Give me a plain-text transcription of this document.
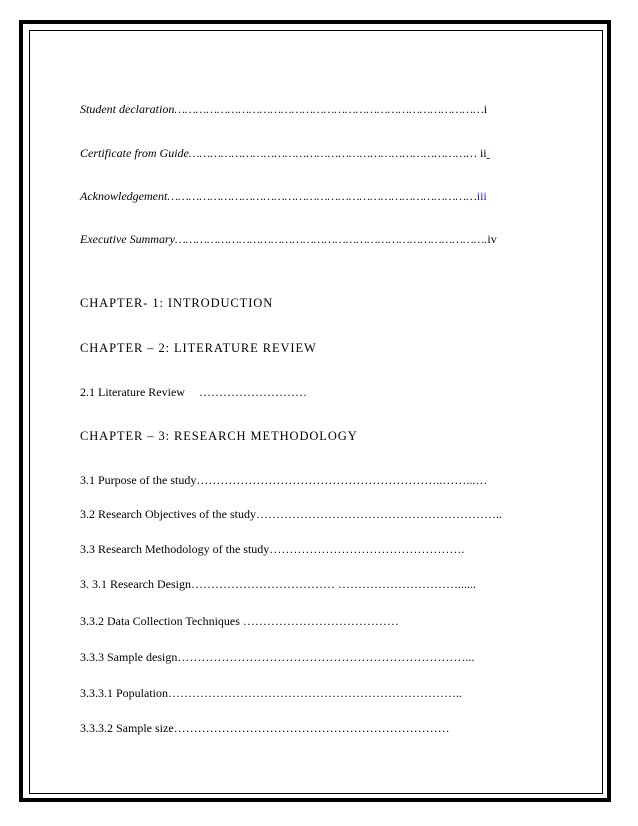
Student declaration……………………………………………………………………………i
Certificate from Guide……………………………………………………………………… ii
Acknowledgement……………………………………………………………………………iii
Executive Summary…………………………………………………………………………….iv
CHAPTER- 1: INTRODUCTION
CHAPTER – 2: LITERATURE REVIEW
2.1 Literature Review ………………………
CHAPTER – 3: RESEARCH METHODOLOGY
3.1 Purpose of the study……………………………………………………..……...…
3.2 Research Objectives of the study……………………………………………………..
3.3 Research Methodology of the study………………………………………….
3. 3.1 Research Design……………………………… …………………………......
3.3.2 Data Collection Techniques …………………………………
3.3.3 Sample design………………………………………………………………...
3.3.3.1 Population………………………………………………………………..
3.3.3.2 Sample size……………………………………………………………
